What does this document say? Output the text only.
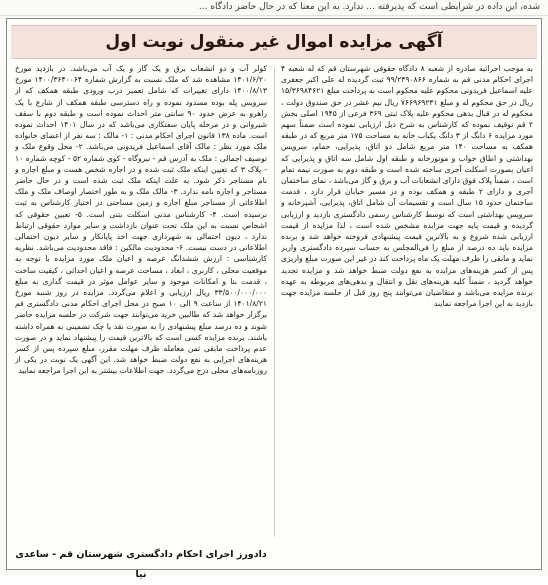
شده، این داده در شرایطی است که پذیرفته ... ندارد. به این معنا که در حال حاضر دادگاه ...
آگهی مزایده اموال غیر منقول نوبت اول
به موجب اجرائیه صادره از شعبه ۸ دادگاه حقوقی شهرستان قم که له شعبه ۴ اجرای احکام مدنی قم به شماره ۹۹/۲۴۹۰۸۶۶ ثبت گردیده له علی اکبر جعفری علیه اسماعیل فریدونی محکوم علیه محکوم است به پرداخت مبلغ ۱۵/۳۶۹۸۴۶۲۱ ریال در حق محکوم له و مبلغ ۷۶۶۹۶۹۲۳۱ ریال نیم عشر در حق صندوق دولت ، محکوم له در قبال بدهی محکوم علیه پلاک ثبتی ۳۶۹ فرعی از ۱۹۴۵ اصلی بخش ۲ قم توقیف نموده که کارشناس به شرح ذیل ارزیابی نموده است ضمناً سهم مورد مزایده ۶ دانگ از ۳ دانگ یکباب خانه به مساحت ۱۷۵ متر مربع که در طبقه همکف به مساحت ۱۴۰ متر مربع شامل دو اتاق، پذیرایی، حمام، سرویس بهداشتی و اطاق خواب و موتورخانه و طبقه اول شامل سه اتاق و پذیرایی که اعیان بصورت اسکلت آجری ساخته شده است و طبقه دوم به صورت نیمه تمام است ، ضمناً پلاک فوق دارای انشعابات آب و برق و گاز می‌باشد ، نمای ساختمان آجری و دارای ۲ طبقه و همکف بوده و در مسیر خیابان قرار دارد ، قدمت ساختمان حدود ۱۵ سال است و تقسیمات آن شامل اتاق، پذیرایی، آشپزخانه و سرویس بهداشتی است که توسط کارشناس رسمی دادگستری بازدید و ارزیابی گردیده و قیمت پایه جهت مزایده مشخص شده است ، لذا مزایده از قیمت ارزیابی شده شروع و به بالاترین قیمت پیشنهادی فروخته خواهد شد و برنده مزایده باید ده درصد از مبلغ را فی‌المجلس به حساب سپرده دادگستری واریز نماید و مابقی را ظرف مهلت یک ماه پرداخت کند در غیر این صورت مبلغ واریزی پس از کسر هزینه‌های مزایده به نفع دولت ضبط خواهد شد و مزایده تجدید خواهد گردید ، ضمناً کلیه هزینه‌های نقل و انتقال و بدهی‌های مربوطه به عهده برنده مزایده می‌باشد و متقاضیان می‌توانند پنج روز قبل از جلسه مزایده جهت بازدید به این اجرا مراجعه نمایند
کولر آب و دو انشعاب برق و یک گاز و یک آب می‌باشد. در بازدید مورخ ۱۴۰۱/۶/۲۰ مشاهده شد که ملک نسبت به گزارش شماره ۱۴۰۰/۳۶۴۰۰۶۴ مورخ ۱۴۰۰/۸/۱۳ دارای تغییرات که شامل تعمیر درب ورودی طبقه همکف که از سرویس پله بوده مسدود نموده و راه دسترسی طبقه همکف از شارع با یک راهرو به عرض حدود ۹۰ سانتی متر احداث نموده است و طبقه دوم با سقف شیروانی و در مرحله پایان سفتکاری می‌باشد که در سال ۱۴۰۱ احداث نموده است. ماده ۱۳۸ قانون اجرای احکام مدنی : ۱- مالک : سه نفر از اعضای خانواده ملک مورد نظر : مالک آقای اسماعیل فریدونی می‌باشد. ۲- محل وقوع ملک و توصیف اجمالی : ملک به آدرس قم - نیروگاه - کوی شماره ۵۲ - کوچه شماره ۱۰ - پلاک ۳ که تعیین اینکه ملک ثبت شده و در اجاره شخص هست و مبلغ اجاره و نام مستاجر ذکر شود. به علت اینکه ملک ثبت شده است و در حال حاضر مستاجر و اجاره نامه ندارد. ۳- مالک ملک و به طور اختصار اوصاف ملک و ملک اطلاعاتی از مستاجر مبلغ اجاره و زمین مساحتی در اختیار کارشناس به ثبت نرسیده است. ۴- کارشناس مدنی اسکلت بتنی است. ۵- تعیین حقوقی که اشخاص نسبت به این ملک تحت عنوان بازداشت و سایر موارد حقوقی ارتباط ندارد ، دیون احتمالی به شهرداری جهت اخذ پایانکار و سایر دیون احتمالی اطلاعاتی در دست نیست. ۶- محدودیت مالکین : فاقد محدودیت می‌باشد. نظریه کارشناسی : ارزش ششدانگ عرصه و اعیان ملک مورد مزایده با توجه به موقعیت محلی ، کاربری ، ابعاد ، مساحت عرصه و اعیان احداثی ، کیفیت ساخت ، قدمت بنا و امکانات موجود و سایر عوامل موثر در قیمت گذاری به مبلغ ۳۳/۵۰۰/۰۰۰/۰۰۰ ریال ارزیابی و اعلام می‌گردد. مزایده در روز شنبه مورخ ۱۴۰۱/۸/۲۱ از ساعت ۹ الی ۱۰ صبح در محل اجرای احکام مدنی دادگستری قم برگزار خواهد شد که طالبین خرید می‌توانند جهت شرکت در جلسه مزایده حاضر شوند و ده درصد مبلغ پیشنهادی را به صورت نقد یا چک تضمینی به همراه داشته باشند. برنده مزایده کسی است که بالاترین قیمت را پیشنهاد نماید و در صورت عدم پرداخت مابقی ثمن معامله ظرف مهلت مقرر، مبلغ سپرده پس از کسر هزینه‌های اجرایی به نفع دولت ضبط خواهد شد. این آگهی یک نوبت در یکی از روزنامه‌های محلی درج می‌گردد. جهت اطلاعات بیشتر به این اجرا مراجعه نمایید
دادورز اجرای احکام دادگستری شهرستان قم - ساعدی نیا
